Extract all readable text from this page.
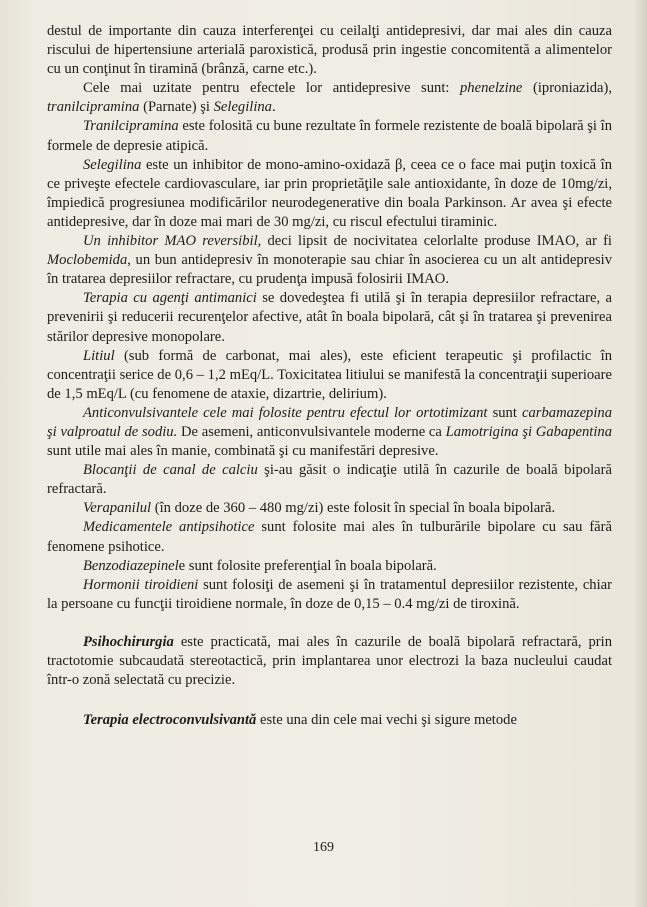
destul de importante din cauza interferenţei cu ceilalţi antidepresivi, dar mai ales din cauza riscului de hipertensiune arterială paroxistică, produsă prin ingestie concomitentă a alimentelor cu un conţinut în tiramină (brânză, carne etc.).

Cele mai uzitate pentru efectele lor antidepresive sunt: phenelzine (iproniazida), tranilcipramina (Parnate) şi Selegilina.

Tranilcipramina este folosită cu bune rezultate în formele rezistente de boală bipolară şi în formele de depresie atipică.

Selegilina este un inhibitor de mono-amino-oxidază β, ceea ce o face mai puţin toxică în ce priveşte efectele cardiovasculare, iar prin proprietăţile sale antioxidante, în doze de 10mg/zi, împiedică progresiunea modificărilor neurodegenerative din boala Parkinson. Ar avea şi efecte antidepresive, dar în doze mai mari de 30 mg/zi, cu riscul efectului tiraminic.

Un inhibitor MAO reversibil, deci lipsit de nocivitatea celorlalte produse IMAO, ar fi Moclobemida, un bun antidepresiv în monoterapie sau chiar în asocierea cu un alt antidepresiv în tratarea depresiilor refractare, cu prudenţa impusă folosirii IMAO.

Terapia cu agenţi antimanici se dovedeştea fi utilă şi în terapia depresiilor refractare, a prevenirii şi reducerii recurenţelor afective, atât în boala bipolară, cât şi în tratarea şi prevenirea stărilor depresive monopolare.

Litiul (sub formă de carbonat, mai ales), este eficient terapeutic şi profilactic în concentraţii serice de 0,6 – 1,2 mEq/L. Toxicitatea litiului se manifestă la concentraţii superioare de 1,5 mEq/L (cu fenomene de ataxie, dizartrie, delirium).

Anticonvulsivantele cele mai folosite pentru efectul lor ortotimizant sunt carbamazepina şi valproatul de sodiu. De asemeni, anticonvulsivantele moderne ca Lamotrigina şi Gabapentina sunt utile mai ales în manie, combinată şi cu manifestări depresive.

Blocanţii de canal de calciu şi-au găsit o indicaţie utilă în cazurile de boală bipolară refractară.

Verapanilul (în doze de 360 – 480 mg/zi) este folosit în special în boala bipolară.

Medicamentele antipsihotice sunt folosite mai ales în tulburările bipolare cu sau fără fenomene psihotice.

Benzodiazepinele sunt folosite preferenţial în boala bipolară.

Hormonii tiroidieni sunt folosiţi de asemeni şi în tratamentul depresiilor rezistente, chiar la persoane cu funcţii tiroidiene normale, în doze de 0,15 – 0.4 mg/zi de tiroxină.

Psihochirurgia este practicată, mai ales în cazurile de boală bipolară refractară, prin tractotomie subcaudată stereotactică, prin implantarea unor electrozi la baza nucleului caudat într-o zonă selectată cu precizie.

Terapia electroconvulsivantă este una din cele mai vechi şi sigure metode

169
